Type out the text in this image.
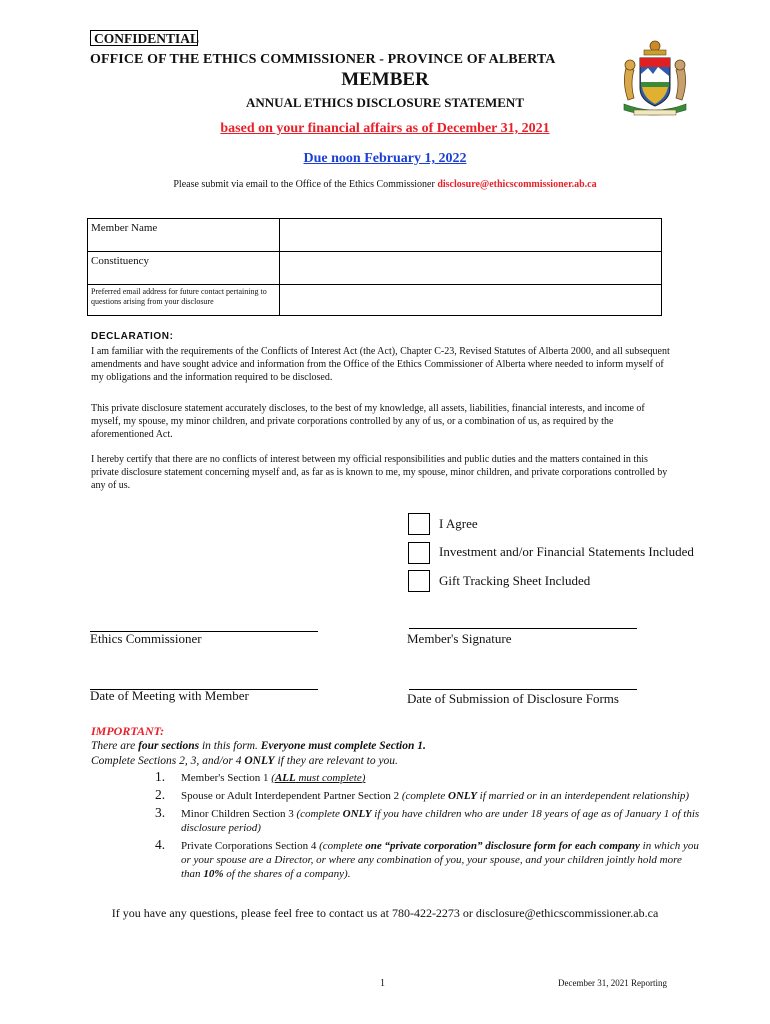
CONFIDENTIAL
OFFICE OF THE ETHICS COMMISSIONER - PROVINCE OF ALBERTA
MEMBER
ANNUAL ETHICS DISCLOSURE STATEMENT
based on your financial affairs as of December 31, 2021
Due noon February 1, 2022
Please submit via email to the Office of the Ethics Commissioner disclosure@ethicscommissioner.ab.ca
Member Name	
Constituency	

Preferred email address for future contact pertaining to questions arising from your disclosure	

DECLARATION:
I am familiar with the requirements of the Conflicts of Interest Act (the Act), Chapter C-23, Revised Statutes of Alberta 2000, and all subsequent amendments and have sought advice and information from the Office of the Ethics Commissioner of Alberta where needed to inform myself of my obligations and the information required to be disclosed.
This private disclosure statement accurately discloses, to the best of my knowledge, all assets, liabilities, financial interests, and income of myself, my spouse, my minor children, and private corporations controlled by any of us, or a combination of us, as required by the aforementioned Act.
I hereby certify that there are no conflicts of interest between my official responsibilities and public duties and the matters contained in this private disclosure statement concerning myself and, as far as is known to me, my spouse, minor children, and private corporations controlled by any of us.
I Agree
Investment and/or Financial Statements Included
Gift Tracking Sheet Included
Ethics Commissioner	Member's Signature
Date of Meeting with Member	Date of Submission of Disclosure Forms
IMPORTANT:
There are four sections in this form. Everyone must complete Section 1.
Complete Sections 2, 3, and/or 4 ONLY if they are relevant to you.
1. Member's Section 1 (ALL must complete)
2. Spouse or Adult Interdependent Partner Section 2 (complete ONLY if married or in an interdependent relationship)
3. Minor Children Section 3 (complete ONLY if you have children who are under 18 years of age as of January 1 of this disclosure period)
4. Private Corporations Section 4 (complete one “private corporation” disclosure form for each company in which you or your spouse are a Director, or where any combination of you, your spouse, and your children jointly hold more than 10% of the shares of a company).
If you have any questions, please feel free to contact us at 780-422-2273 or disclosure@ethicscommissioner.ab.ca
1	December 31, 2021 Reporting
